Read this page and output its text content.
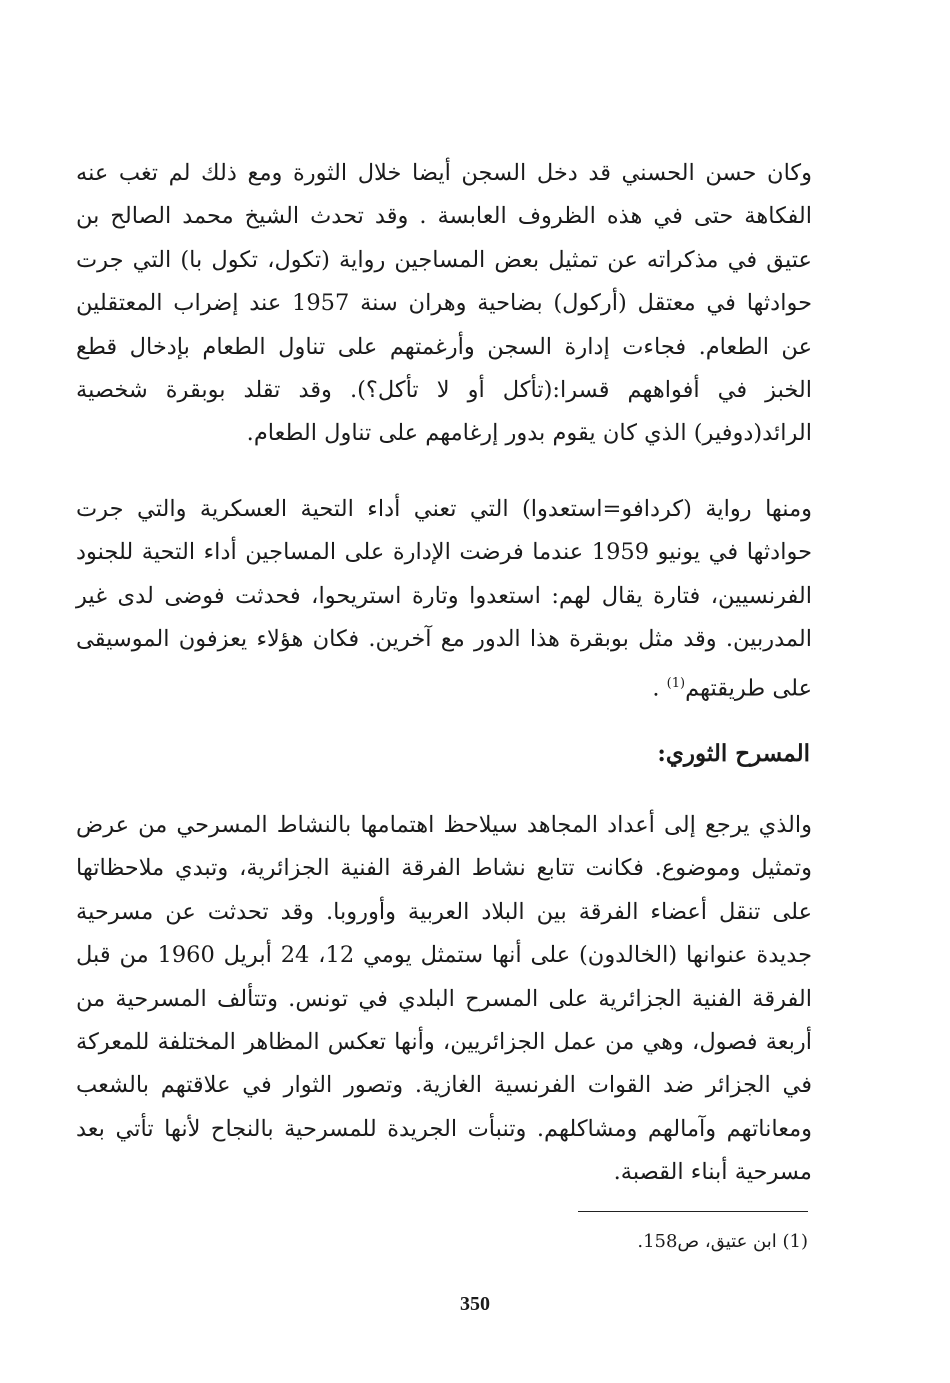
وكان حسن الحسني قد دخل السجن أيضا خلال الثورة ومع ذلك لم تغب عنه الفكاهة حتى في هذه الظروف العابسة . وقد تحدث الشيخ محمد الصالح بن عتيق في مذكراته عن تمثيل بعض المساجين رواية (تكول، تكول با) التي جرت حوادثها في معتقل (أركول) بضاحية وهران سنة 1957 عند إضراب المعتقلين عن الطعام. فجاءت إدارة السجن وأرغمتهم على تناول الطعام بإدخال قطع الخبز في أفواههم قسرا:(تأكل أو لا تأكل؟). وقد تقلد بوبقرة شخصية الرائد(دوفير) الذي كان يقوم بدور إرغامهم على تناول الطعام.

ومنها رواية (كردافو=استعدوا) التي تعني أداء التحية العسكرية والتي جرت حوادثها في يونيو 1959 عندما فرضت الإدارة على المساجين أداء التحية للجنود الفرنسيين، فتارة يقال لهم: استعدوا وتارة استريحوا، فحدثت فوضى لدى غير المدربين. وقد مثل بوبقرة هذا الدور مع آخرين. فكان هؤلاء يعزفون الموسيقى على طريقتهم$^{(1)}$ .

المسرح الثوري:

والذي يرجع إلى أعداد المجاهد سيلاحظ اهتمامها بالنشاط المسرحي من عرض وتمثيل وموضوع. فكانت تتابع نشاط الفرقة الفنية الجزائرية، وتبدي ملاحظاتها على تنقل أعضاء الفرقة بين البلاد العربية وأوروبا. وقد تحدثت عن مسرحية جديدة عنوانها (الخالدون) على أنها ستمثل يومي 12، 24 أبريل 1960 من قبل الفرقة الفنية الجزائرية على المسرح البلدي في تونس. وتتألف المسرحية من أربعة فصول، وهي من عمل الجزائريين، وأنها تعكس المظاهر المختلفة للمعركة في الجزائر ضد القوات الفرنسية الغازية. وتصور الثوار في علاقتهم بالشعب ومعاناتهم وآمالهم ومشاكلهم. وتنبأت الجريدة للمسرحية بالنجاح لأنها تأتي بعد مسرحية أبناء القصبة.

(1) ابن عتيق، ص158.

350
